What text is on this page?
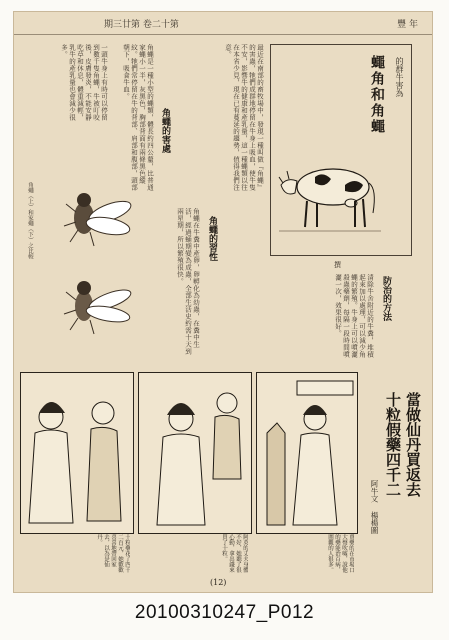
期三廿第 卷二十第	豐 年
蠅角和角蠅 的群牛害為
撰
最近在南部的畜牧場中，發現一種叫做『角蠅』的害蟲，牠們成群地停留在牛身上吸血，使牛隻不安，影響牛的健康和產乳量，這一種蠅類以往在本省少見，現在已有蔓延的趨勢，值得我們注意。
角蠅的害處
角蠅是一種小型的蠅類，體長約四公釐，比普通家蠅小一半，灰黑色，胸部背面有兩條黑色縱紋。牠們常停留在牛的背部、肩部和腹部，頭部朝下，吸食牛血。
一頭牛身上有時可以停留到數千隻角蠅，牛被叮咬後，皮膚發炎，不能安靜吃草和休息，體重減輕，乳牛的產乳量也會減少很多。
角蠅（上）和家蠅（下）之比較	角蠅的習性
角蠅在牛糞中產卵，卵孵化為幼蟲，在糞中生活，經過蛹期變為成蟲，全部生活史約需十天到兩星期，所以繁殖很快。
防治的方法
清除牛舍附近的牛糞，堆積起來加以處理，可以減少角蠅的繁殖。牛身上可以噴灑殺蟲藥劑，每隔一段時間噴灑一次，效果很好。
十粒假藥四千二 當做仙丹買返去
阿牛文 楊楊圖
十粒藥花了四千二百元，她歡歡喜喜地帶回家去，以為是仙丹。	阿英的丈夫身體不好，她聽了很心動，拿出錢來買了十粒。	賣藥的在市場口大聲吹噓，說他的藥能治百病，圍觀的人很多。
(12)
20100310247_P012
